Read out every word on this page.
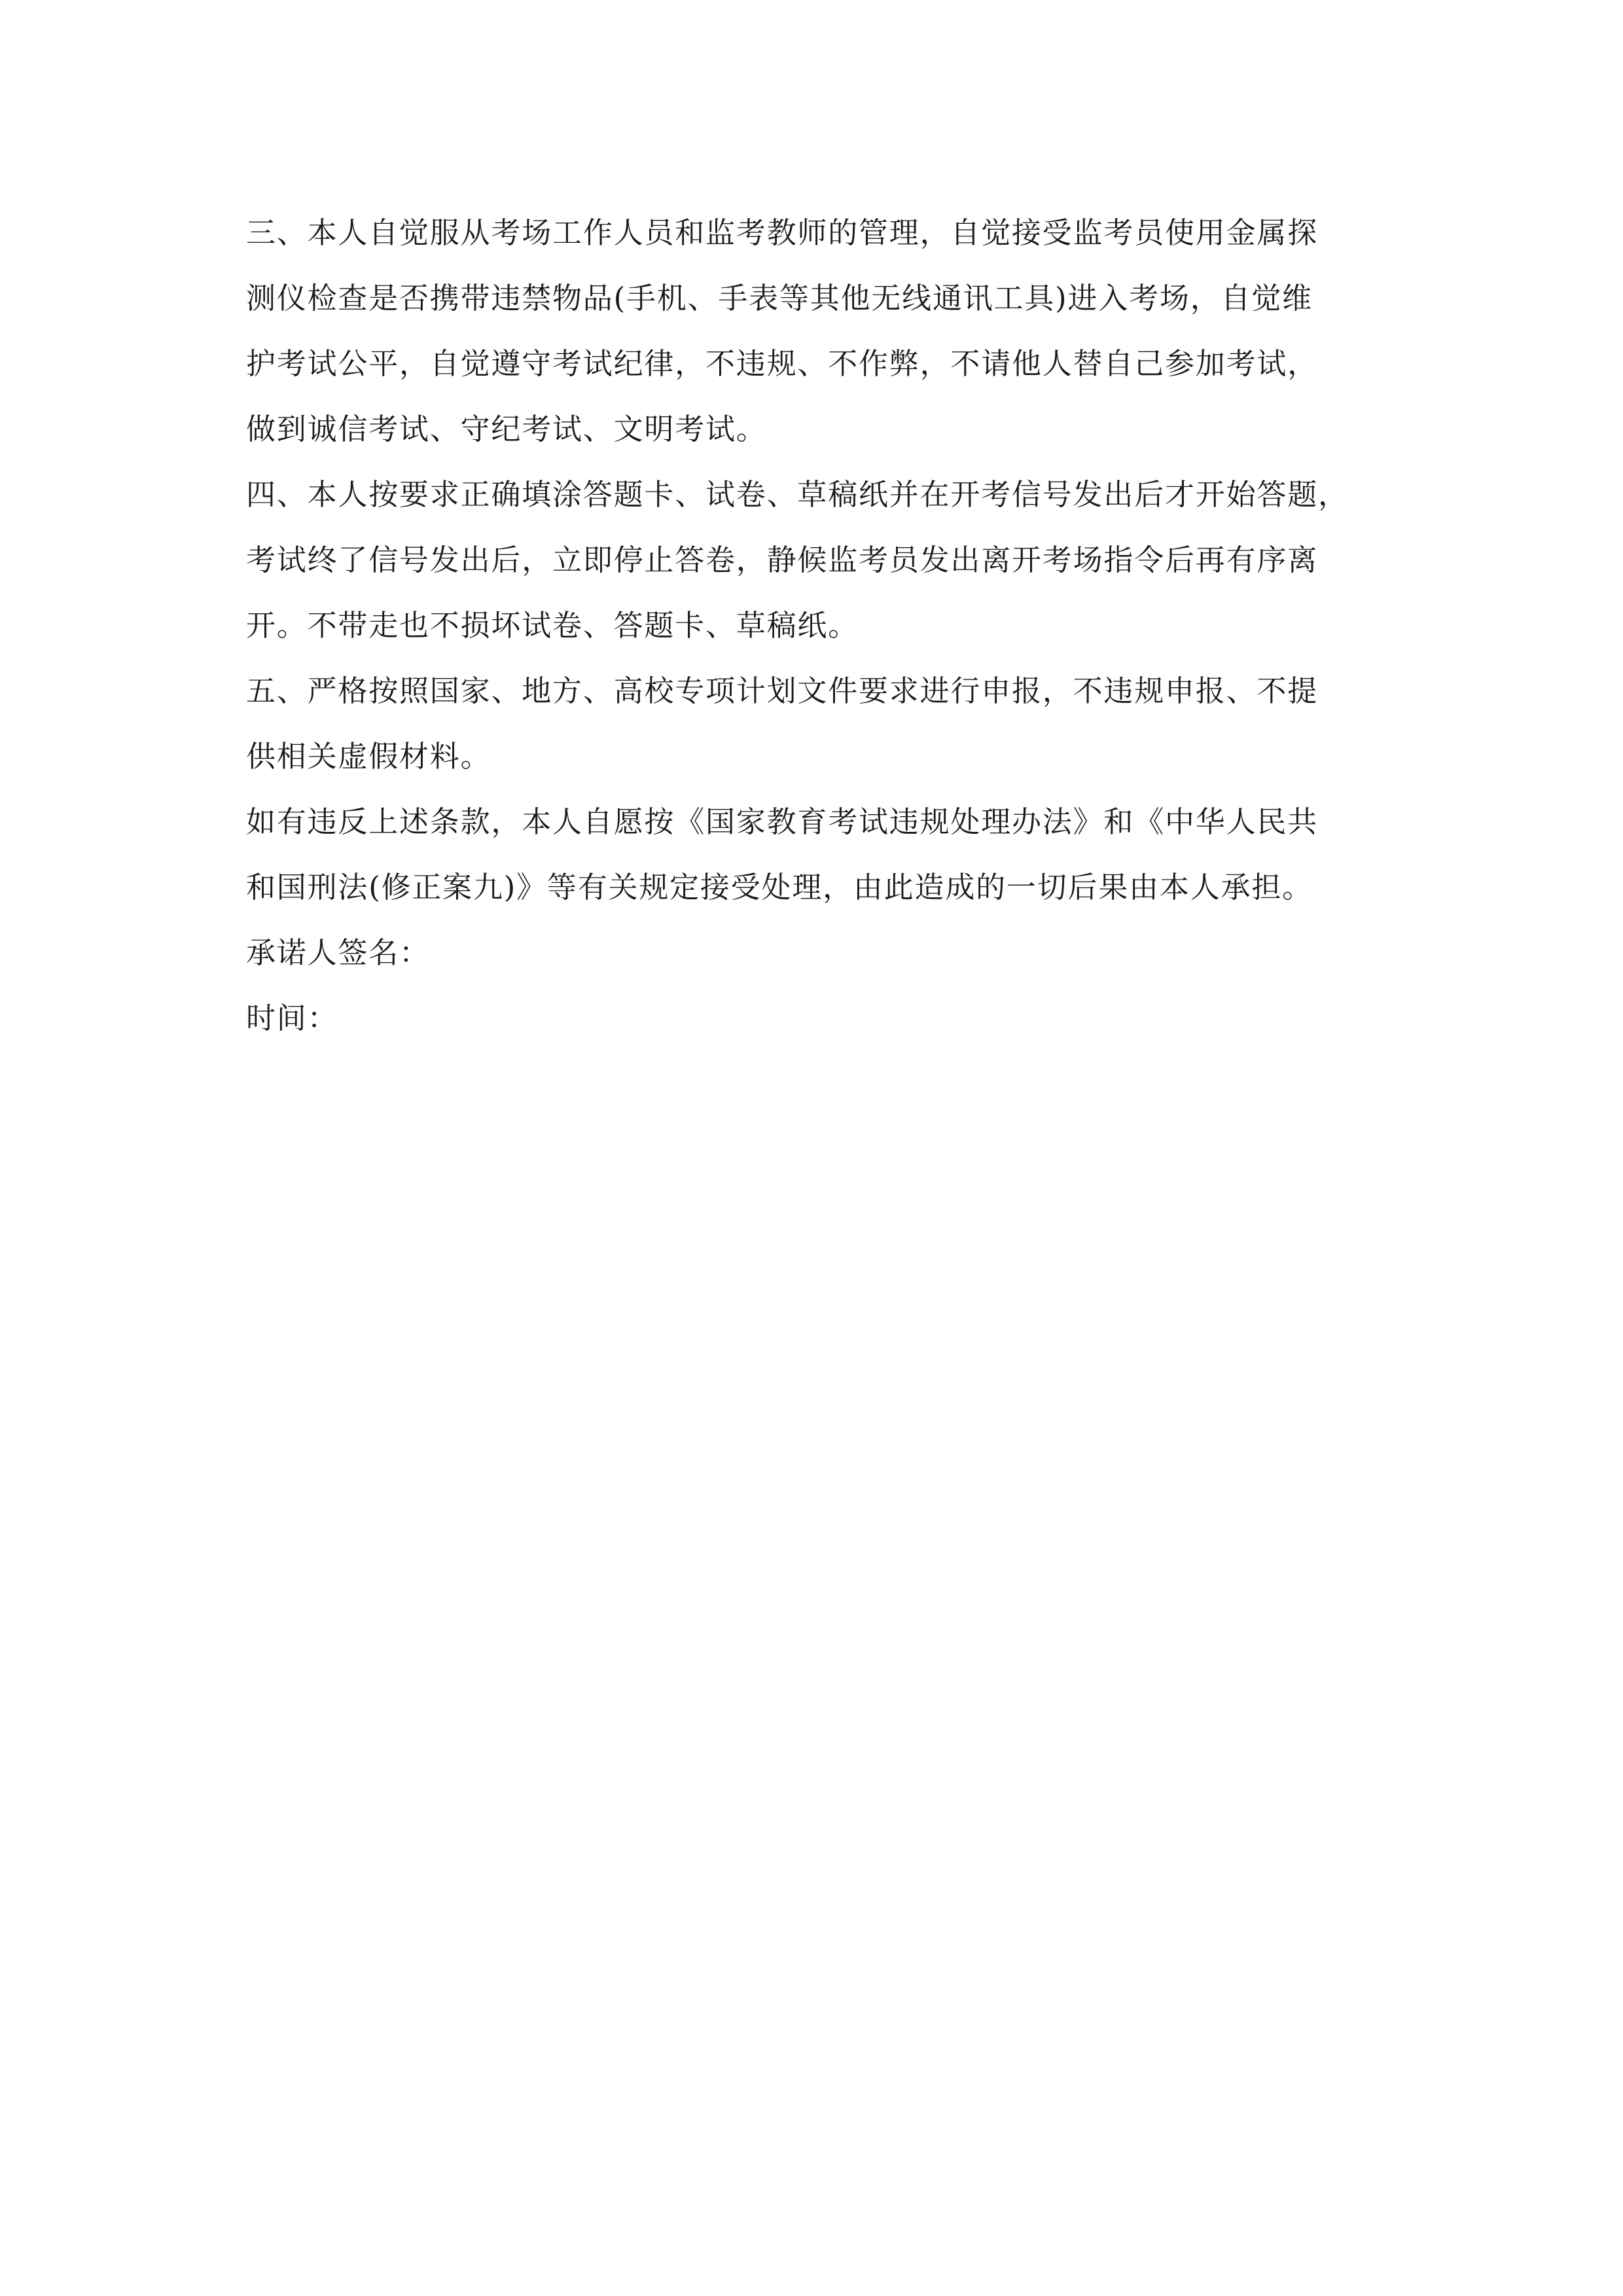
三、本人自觉服从考场工作人员和监考教师的管理，自觉接受监考员使用金属探
测仪检查是否携带违禁物品(手机、手表等其他无线通讯工具)进入考场，自觉维
护考试公平，自觉遵守考试纪律，不违规、不作弊，不请他人替自己参加考试，
做到诚信考试、守纪考试、文明考试。
四、本人按要求正确填涂答题卡、试卷、草稿纸并在开考信号发出后才开始答题，
考试终了信号发出后，立即停止答卷，静候监考员发出离开考场指令后再有序离
开。不带走也不损坏试卷、答题卡、草稿纸。
五、严格按照国家、地方、高校专项计划文件要求进行申报，不违规申报、不提
供相关虚假材料。
如有违反上述条款，本人自愿按《国家教育考试违规处理办法》和《中华人民共
和国刑法(修正案九)》等有关规定接受处理，由此造成的一切后果由本人承担。
承诺人签名：
时间：
